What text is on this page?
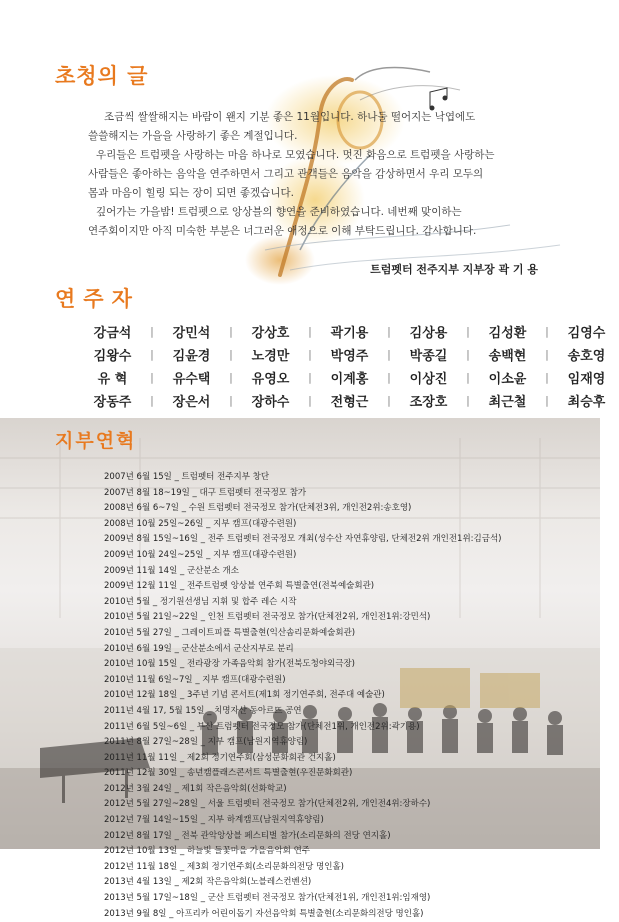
초청의 글

조금씩 쌀쌀해지는 바람이 왠지 기분 좋은 11월입니다. 하나둘 떨어지는 낙엽에도

쓸쓸해지는 가을을 사랑하기 좋은 계절입니다.

우리들은 트럼펫을 사랑하는 마음 하나로 모였습니다. 멋진 화음으로 트럼펫을 사랑하는

사람들은 좋아하는 음악을 연주하면서 그리고 관객들은 음악을 감상하면서 우리 모두의

몸과 마음이 힐링 되는 장이 되면 좋겠습니다.

깊어가는 가을밤! 트럼펫으로 앙상블의 향연을 준비하였습니다. 네번째 맞이하는

연주회이지만 아직 미숙한 부분은 너그러운 애정으로 이해 부탁드립니다. 감사합니다.

트럼펫터 전주지부 지부장 곽 기 용
연주자
강금석	|	강민석	|	강상호	|	곽기용	|	김상용	|	김성환	|	김영수
김왕수	|	김윤경	|	노경만	|	박영주	|	박종길	|	송백현	|	송호영
유 혁	|	유수택	|	유영오	|	이계홍	|	이상진	|	이소윤	|	임재영
장동주	|	장은서	|	장하수	|	전형근	|	조장호	|	최근철	|	최승후
지부연혁
2007년 6월 15일 _ 트럼펫터 전주지부 창단
2007년 8월 18~19일 _ 대구 트럼펫터 전국정모 참가
2008년 6월 6~7일 _ 수원 트럼펫터 전국정모 참가(단체전3위, 개인전2위:송호영)
2008년 10월 25일~26일 _ 지부 캠프(대광수련원)
2009년 8월 15일~16일 _ 전주 트럼펫터 전국정모 개최(성수산 자연휴양림, 단체전2위 개인전1위:김금석)
2009년 10월 24일~25일 _ 지부 캠프(대광수련원)
2009년 11월 14일 _ 군산분소 개소
2009년 12월 11일 _ 전주트럼펫 앙상블 연주회 특별출연(전북예술회관)
2010년 5월 _ 정기원선생님 지휘 및 합주 레슨 시작
2010년 5월 21일~22일 _ 인천 트럼펫터 전국정모 참가(단체전2위, 개인전1위:강민석)
2010년 5월 27일 _ 그레이트피플 특별출현(익산솜리문화예술회관)
2010년 6월 19일 _ 군산분소에서 군산지부로 분리
2010년 10월 15일 _ 전라광장 가족음악회 참가(전북도청야외극장)
2010년 11월 6일~7일 _ 지부 캠프(대광수련원)
2010년 12월 18일 _ 3주년 기념 콘서트(제1회 정기연주회, 전주대 예술관)
2011년 4월 17, 5월 15일 _ 치명자산 동아르뜨 공연
2011년 6월 5일~6일 _ 부산 트럼펫터 전국정모 참가(단체전1위, 개인전2위:곽기용)
2011년 8월 27일~28일 _ 지부 캠프(남원지역휴양림)
2011년 11월 11일 _ 제2회 정기연주회(삼성문화회관 건지홀)
2011년 12월 30일 _ 송년캠플래스콘서트 특별출현(우진문화회관)
2012년 3월 24일 _ 제1회 작은음악회(선화학교)
2012년 5월 27일~28일 _ 서울 트럼펫터 전국정모 참가(단체전2위, 개인전4위:장하수)
2012년 7월 14일~15일 _ 지부 하계캠프(남원지역휴양림)
2012년 8월 17일 _ 전북 관악앙상블 페스티벌 참가(소리문화의 전당 연지홀)
2012년 10월 13일 _ 하늘빛 들꽃마을 가을음악회 연주
2012년 11월 18일 _ 제3회 정기연주회(소리문화의전당 명인홀)
2013년 4월 13일 _ 제2회 작은음악회(노블레스컨벤션)
2013년 5월 17일~18일 _ 군산 트럼펫터 전국정모 참가(단체전1위, 개인전1위:임재영)
2013년 9월 8일 _ 아프리카 어린이돕기 자선음악회 특별출현(소리문화의전당 명인홀)
